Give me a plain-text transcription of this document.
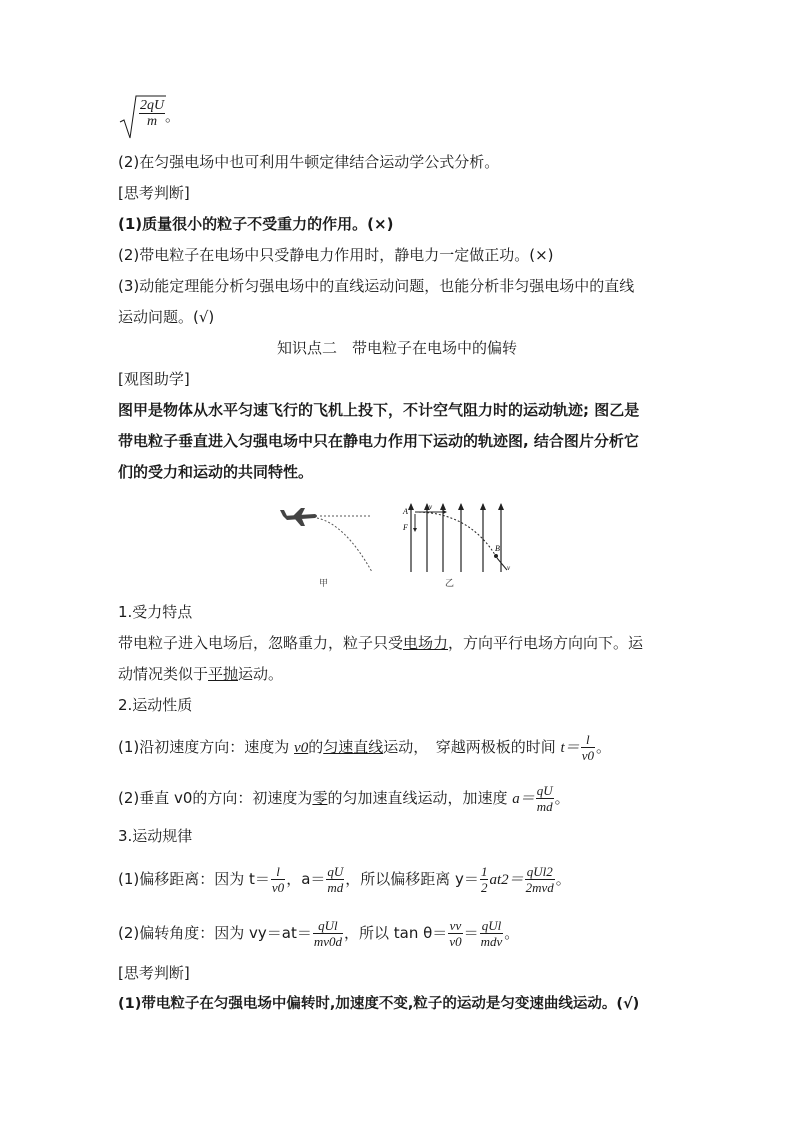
$\frac{2qU}{m}$ 。
(2)在匀强电场中也可利用牛顿定律结合运动学公式分析。
[思考判断]
(1)质量很小的粒子不受重力的作用。(×)
(2)带电粒子在电场中只受静电力作用时，静电力一定做正功。(×)
(3)动能定理能分析匀强电场中的直线运动问题，也能分析非匀强电场中的直线
运动问题。(√)
知识点二　带电粒子在电场中的偏转
[观图助学]
图甲是物体从水平匀速飞行的飞机上投下，不计空气阻力时的运动轨迹; 图乙是
带电粒子垂直进入匀强电场中只在静电力作用下运动的轨迹图, 结合图片分析它
们的受力和运动的共同特性。
A
F
v
B
v
甲	乙
1.受力特点
带电粒子进入电场后，忽略重力，粒子只受电场力，方向平行电场方向向下。运
动情况类似于平抛运动。
2.运动性质
(1)沿初速度方向：速度为 v0的匀速直线运动，　穿越两极板的时间 $t= \frac{l}{v0}$ 。
(2)垂直 v0的方向：初速度为零的匀加速直线运动，加速度 $a= \frac{qU}{md}$ 。
3.运动规律
(1)偏移距离：因为 $t= \frac{l}{v0}$ ，$a= \frac{qU}{md}$ ，所以偏移距离 $y= \frac{1}{2} at2= \frac{\text{qUl2}}{\text{2mvd}}$ 。
(2)偏转角度：因为 $vy=at= \frac{\text{qUl}}{mv0d}$ ，所以 $\tan \theta= \frac{vv}{v0} = \frac{\text{qUl}}{\text{mdv}}$ 。
[思考判断]
(1)带电粒子在匀强电场中偏转时,加速度不变,粒子的运动是匀变速曲线运动。(√)
